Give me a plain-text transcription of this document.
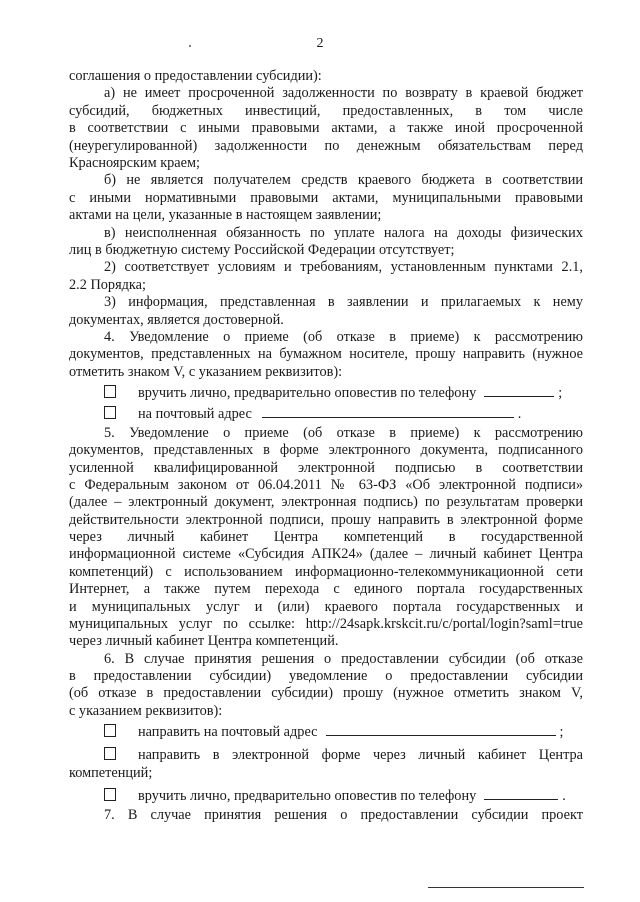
2
соглашения о предоставлении субсидии):
а) не имеет просроченной задолженности по возврату в краевой бюджет
субсидий, бюджетных инвестиций, предоставленных, в том числе
в соответствии с иными правовыми актами, а также иной просроченной
(неурегулированной) задолженности по денежным обязательствам перед
Красноярским краем;
б) не является получателем средств краевого бюджета в соответствии
с иными нормативными правовыми актами, муниципальными правовыми
актами на цели, указанные в настоящем заявлении;
в) неисполненная обязанность по уплате налога на доходы физических
лиц в бюджетную систему Российской Федерации отсутствует;
2) соответствует условиям и требованиям, установленным пунктами 2.1,
2.2 Порядка;
3) информация, представленная в заявлении и прилагаемых к нему
документах, является достоверной.
4. Уведомление о приеме (об отказе в приеме) к рассмотрению
документов, представленных на бумажном носителе, прошу направить (нужное
отметить знаком V, с указанием реквизитов):
вручить лично, предварительно оповестив по телефону	;
на почтовый адрес	.
5. Уведомление о приеме (об отказе в приеме) к рассмотрению
документов, представленных в форме электронного документа, подписанного
усиленной квалифицированной электронной подписью в соответствии
с Федеральным законом от 06.04.2011 № 63-ФЗ «Об электронной подписи»
(далее – электронный документ, электронная подпись) по результатам проверки
действительности электронной подписи, прошу направить в электронной форме
через личный кабинет Центра компетенций в государственной
информационной системе «Субсидия АПК24» (далее – личный кабинет Центра
компетенций) с использованием информационно-телекоммуникационной сети
Интернет, а также путем перехода с единого портала государственных
и муниципальных услуг и (или) краевого портала государственных и
муниципальных услуг по ссылке: http://24sapk.krskcit.ru/c/portal/login?saml=true
через личный кабинет Центра компетенций.
6. В случае принятия решения о предоставлении субсидии (об отказе
в предоставлении субсидии) уведомление о предоставлении субсидии
(об отказе в предоставлении субсидии) прошу (нужное отметить знаком V,
с указанием реквизитов):
направить на почтовый адрес	;
направить в электронной форме через личный кабинет Центра
компетенций;
вручить лично, предварительно оповестив по телефону	.
7. В случае принятия решения о предоставлении субсидии проект
